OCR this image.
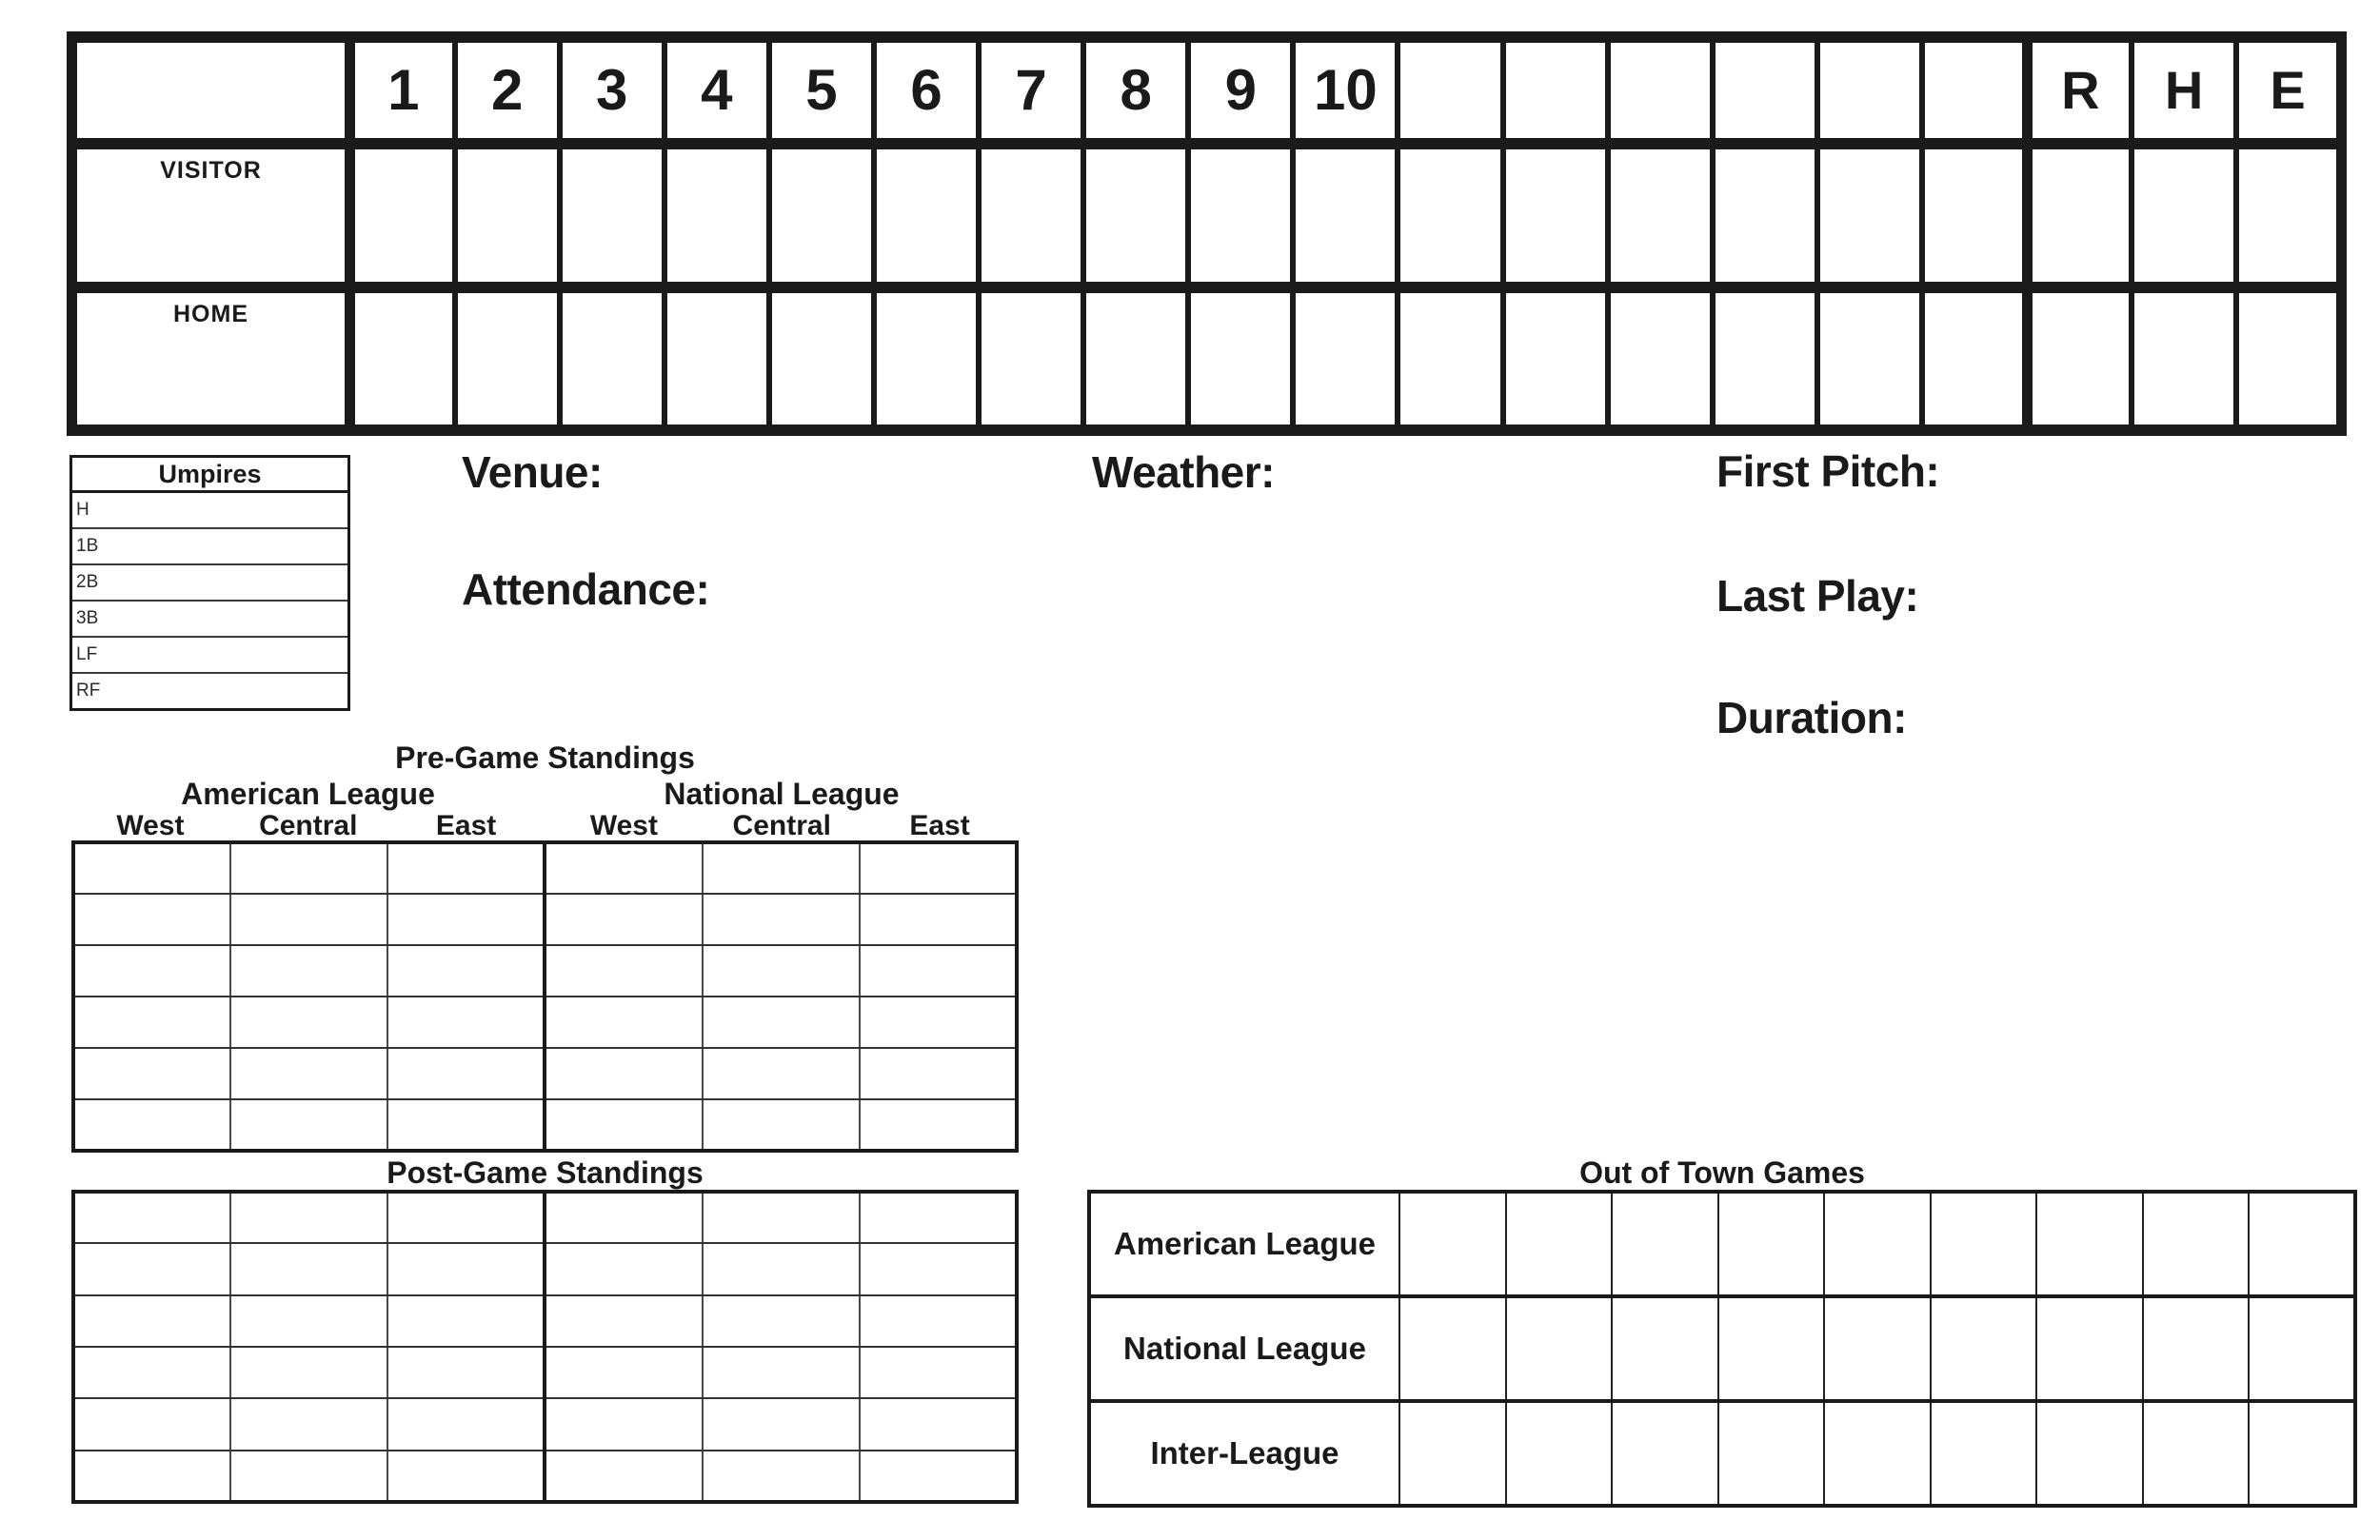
	1	2	3	4	5	6	7	8	9	10							R	H	E
VISITOR																			
HOME																			
Umpires
H
1B
2B
3B
LF
RF
Venue:	Weather:	First Pitch:
Attendance:	Last Play:
Duration:
Pre-Game Standings
American League	National League
West	Central	East	West	Central	East

Post-Game Standings

						Out of Town Games
American League									
National League									
Inter-League									
